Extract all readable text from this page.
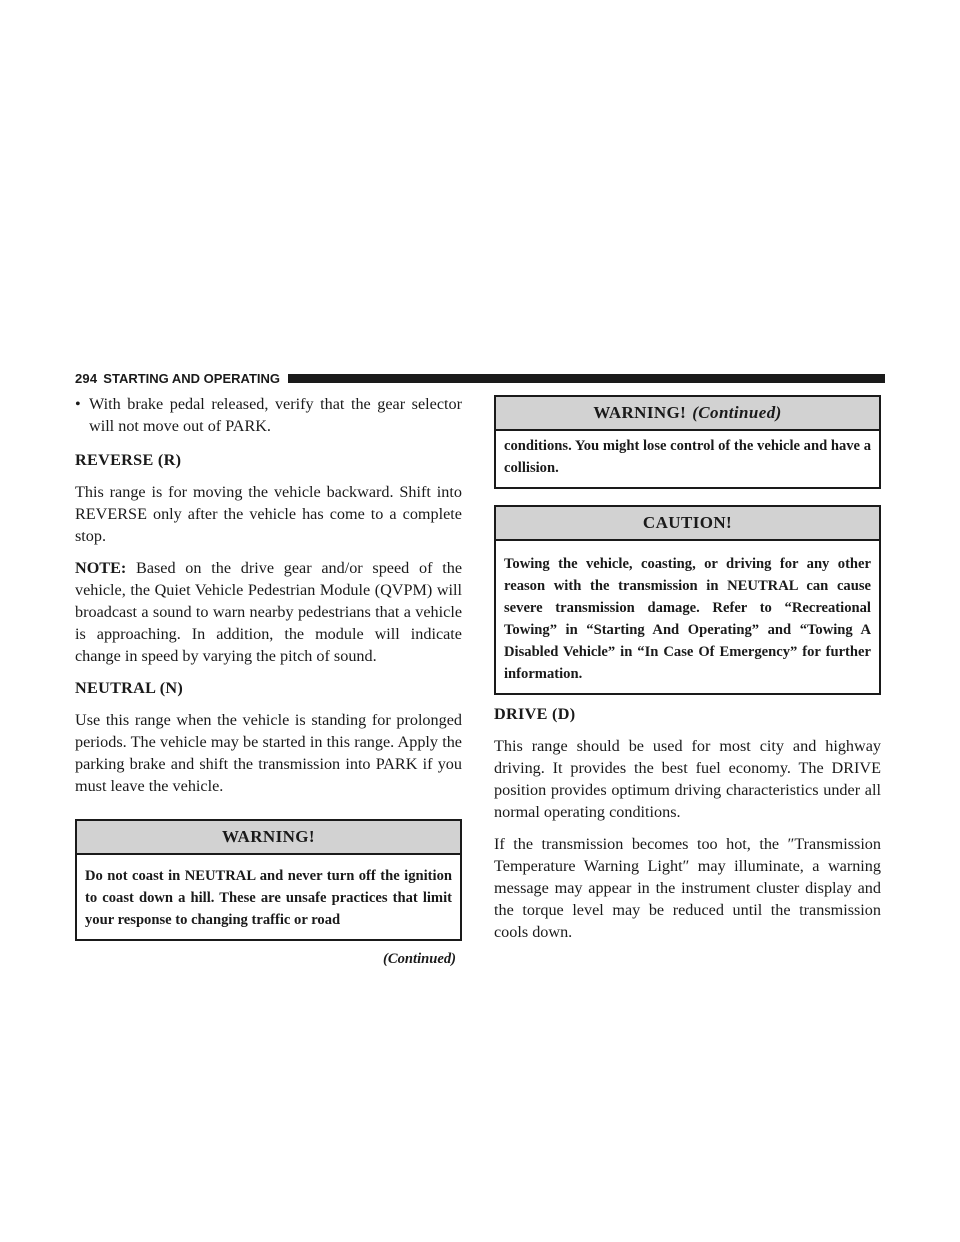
294 STARTING AND OPERATING
• With brake pedal released, verify that the gear selector will not move out of PARK.
REVERSE (R)

This range is for moving the vehicle backward. Shift into REVERSE only after the vehicle has come to a complete stop.

NOTE: Based on the drive gear and/or speed of the vehicle, the Quiet Vehicle Pedestrian Module (QVPM) will broadcast a sound to warn nearby pedestrians that a vehicle is approaching. In addition, the module will indicate change in speed by varying the pitch of sound.

NEUTRAL (N)

Use this range when the vehicle is standing for prolonged periods. The vehicle may be started in this range. Apply the parking brake and shift the transmission into PARK if you must leave the vehicle.

WARNING!
Do not coast in NEUTRAL and never turn off the ignition to coast down a hill. These are unsafe practices that limit your response to changing traffic or road
(Continued)
WARNING! (Continued)
conditions. You might lose control of the vehicle and have a collision.
CAUTION!
Towing the vehicle, coasting, or driving for any other reason with the transmission in NEUTRAL can cause severe transmission damage. Refer to “Recreational Towing” in “Starting And Operating” and “Towing A Disabled Vehicle” in “In Case Of Emergency” for further information.
DRIVE (D)

This range should be used for most city and highway driving. It provides the best fuel economy. The DRIVE position provides optimum driving characteristics under all normal operating conditions.

If the transmission becomes too hot, the ″Transmission Temperature Warning Light″ may illuminate, a warning message may appear in the instrument cluster display and the torque level may be reduced until the transmission cools down.
